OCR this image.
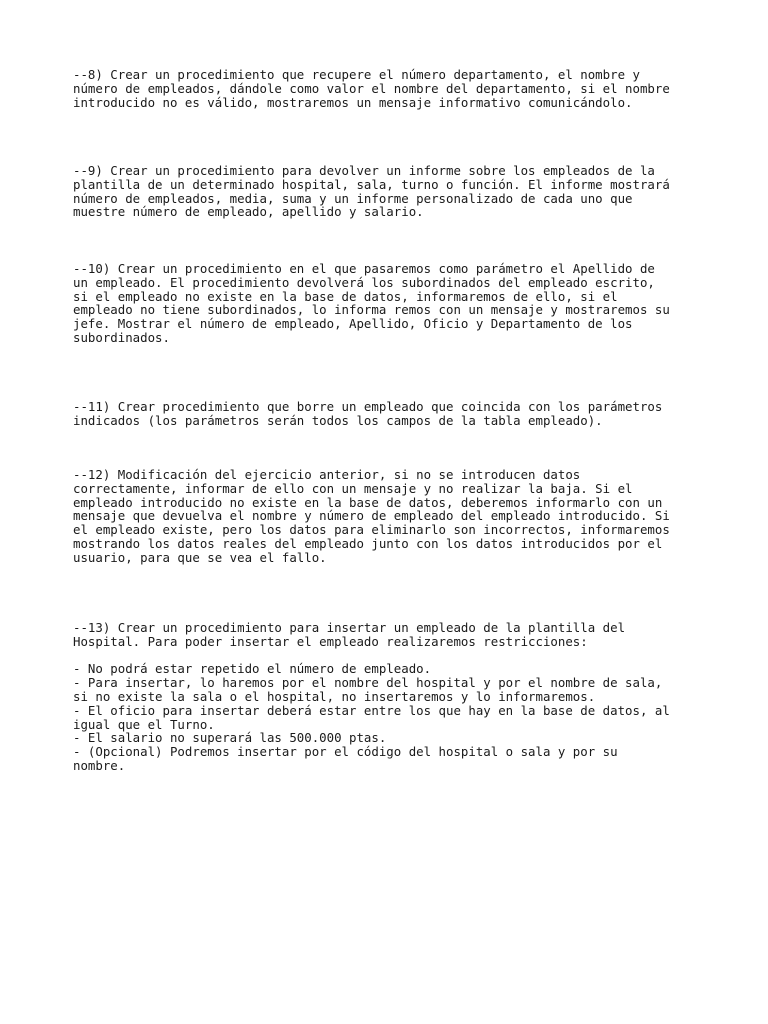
--8) Crear un procedimiento que recupere el número departamento, el nombre y
número de empleados, dándole como valor el nombre del departamento, si el nombre
introducido no es válido, mostraremos un mensaje informativo comunicándolo.

--9) Crear un procedimiento para devolver un informe sobre los empleados de la
plantilla de un determinado hospital, sala, turno o función. El informe mostrará
número de empleados, media, suma y un informe personalizado de cada uno que
muestre número de empleado, apellido y salario.

--10) Crear un procedimiento en el que pasaremos como parámetro el Apellido de
un empleado. El procedimiento devolverá los subordinados del empleado escrito,
si el empleado no existe en la base de datos, informaremos de ello, si el
empleado no tiene subordinados, lo informa remos con un mensaje y mostraremos su
jefe. Mostrar el número de empleado, Apellido, Oficio y Departamento de los
subordinados.

--11) Crear procedimiento que borre un empleado que coincida con los parámetros
indicados (los parámetros serán todos los campos de la tabla empleado).

--12) Modificación del ejercicio anterior, si no se introducen datos
correctamente, informar de ello con un mensaje y no realizar la baja. Si el
empleado introducido no existe en la base de datos, deberemos informarlo con un
mensaje que devuelva el nombre y número de empleado del empleado introducido. Si
el empleado existe, pero los datos para eliminarlo son incorrectos, informaremos
mostrando los datos reales del empleado junto con los datos introducidos por el
usuario, para que se vea el fallo.

--13) Crear un procedimiento para insertar un empleado de la plantilla del
Hospital. Para poder insertar el empleado realizaremos restricciones:

- No podrá estar repetido el número de empleado.
- Para insertar, lo haremos por el nombre del hospital y por el nombre de sala,
si no existe la sala o el hospital, no insertaremos y lo informaremos.
- El oficio para insertar deberá estar entre los que hay en la base de datos, al
igual que el Turno.
- El salario no superará las 500.000 ptas.
- (Opcional) Podremos insertar por el código del hospital o sala y por su
nombre.
